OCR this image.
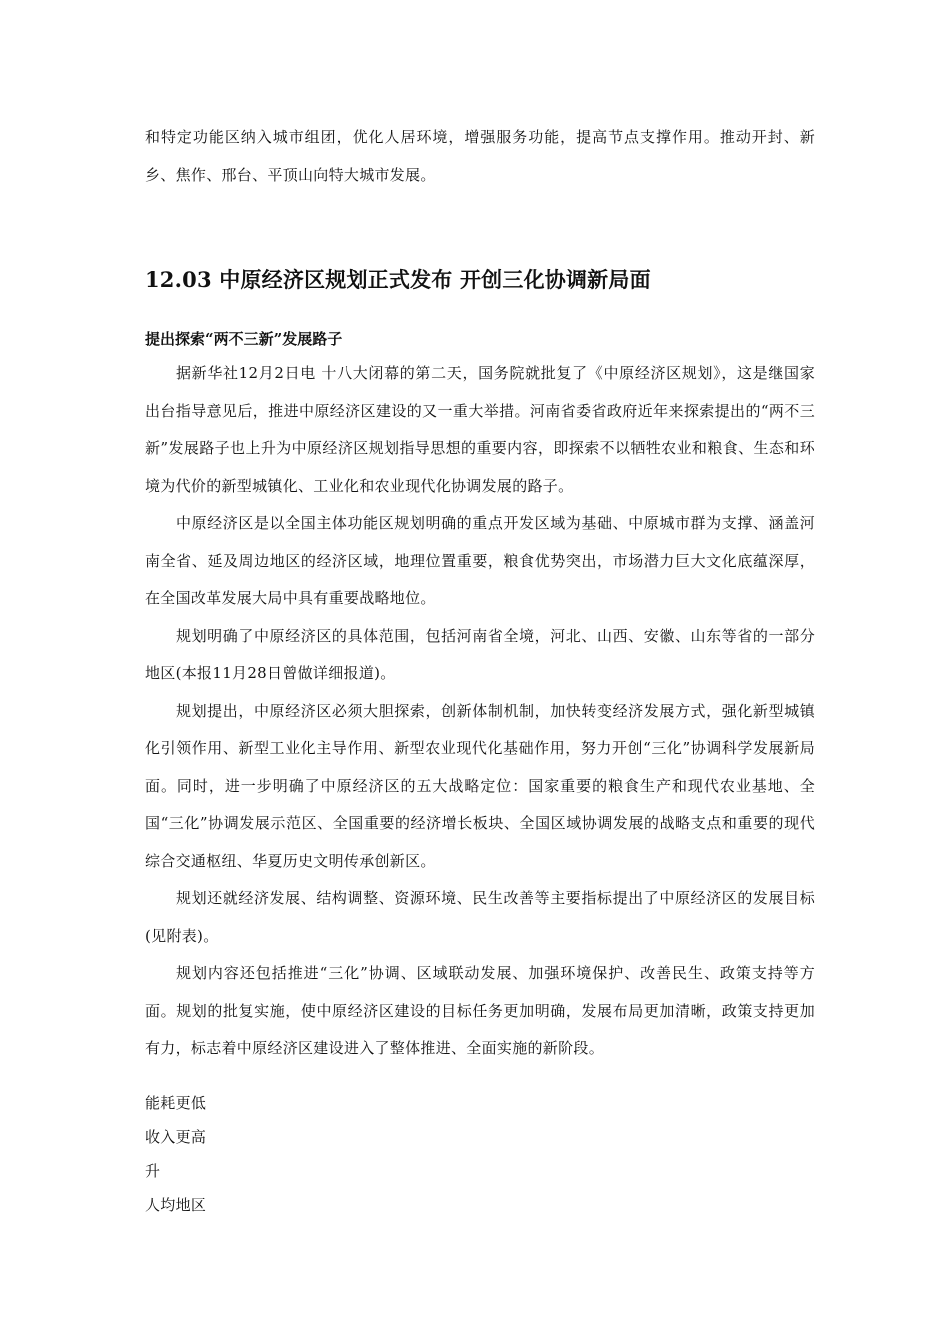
和特定功能区纳入城市组团，优化人居环境，增强服务功能，提高节点支撑作用。推动开封、新乡、焦作、邢台、平顶山向特大城市发展。

12.03 中原经济区规划正式发布 开创三化协调新局面
提出探索“两不三新”发展路子

据新华社12月2日电 十八大闭幕的第二天，国务院就批复了《中原经济区规划》，这是继国家出台指导意见后，推进中原经济区建设的又一重大举措。河南省委省政府近年来探索提出的“两不三新”发展路子也上升为中原经济区规划指导思想的重要内容，即探索不以牺牲农业和粮食、生态和环境为代价的新型城镇化、工业化和农业现代化协调发展的路子。

中原经济区是以全国主体功能区规划明确的重点开发区域为基础、中原城市群为支撑、涵盖河南全省、延及周边地区的经济区域，地理位置重要，粮食优势突出，市场潜力巨大文化底蕴深厚，在全国改革发展大局中具有重要战略地位。

规划明确了中原经济区的具体范围，包括河南省全境，河北、山西、安徽、山东等省的一部分地区(本报11月28日曾做详细报道)。

规划提出，中原经济区必须大胆探索，创新体制机制，加快转变经济发展方式，强化新型城镇化引领作用、新型工业化主导作用、新型农业现代化基础作用，努力开创“三化”协调科学发展新局面。同时，进一步明确了中原经济区的五大战略定位：国家重要的粮食生产和现代农业基地、全国“三化”协调发展示范区、全国重要的经济增长板块、全国区域协调发展的战略支点和重要的现代综合交通枢纽、华夏历史文明传承创新区。

规划还就经济发展、结构调整、资源环境、民生改善等主要指标提出了中原经济区的发展目标(见附表)。

规划内容还包括推进“三化”协调、区域联动发展、加强环境保护、改善民生、政策支持等方面。规划的批复实施，使中原经济区建设的目标任务更加明确，发展布局更加清晰，政策支持更加有力，标志着中原经济区建设进入了整体推进、全面实施的新阶段。

能耗更低

收入更高

升

人均地区
